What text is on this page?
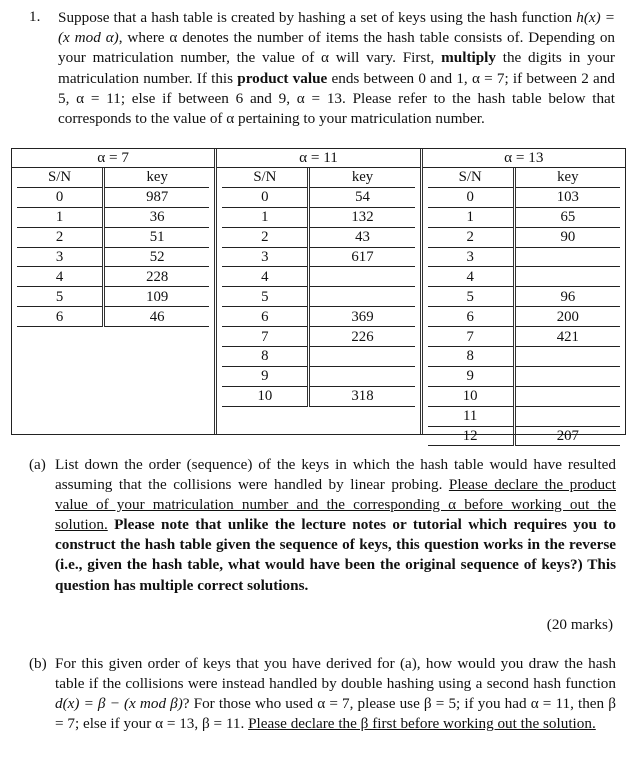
1. Suppose that a hash table is created by hashing a set of keys using the hash function h(x) = (x mod α), where α denotes the number of items the hash table consists of. Depending on your matriculation number, the value of α will vary. First, multiply the digits in your matriculation number. If this product value ends between 0 and 1, α = 7; if between 2 and 5, α = 11; else if between 6 and 9, α = 13. Please refer to the hash table below that corresponds to the value of α pertaining to your matriculation number.

α = 7
S/N	key
0	987
1	36
2	51
3	52
4	228
5	109
6	46
α = 11
S/N	key
0	54
1	132
2	43
3	617
4	
5	
6	369
7	226
8	
9	
10	318
α = 13
S/N	key
0	103
1	65
2	90
3	
4	
5	96
6	200
7	421
8	
9	
10	
11	
12	207
(a) List down the order (sequence) of the keys in which the hash table would have resulted assuming that the collisions were handled by linear probing. Please declare the product value of your matriculation number and the corresponding α before working out the solution. Please note that unlike the lecture notes or tutorial which requires you to construct the hash table given the sequence of keys, this question works in the reverse (i.e., given the hash table, what would have been the original sequence of keys?) This question has multiple correct solutions.
(20 marks)
(b) For this given order of keys that you have derived for (a), how would you draw the hash table if the collisions were instead handled by double hashing using a second hash function d(x) = β − (x mod β)? For those who used α = 7, please use β = 5; if you had α = 11, then β = 7; else if your α = 13, β = 11. Please declare the β first before working out the solution.
